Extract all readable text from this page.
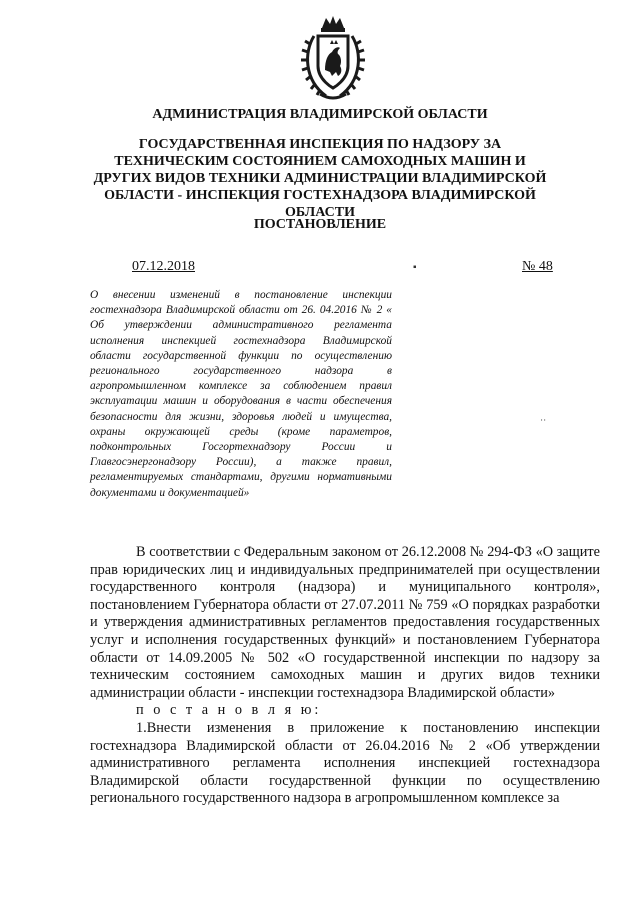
АДМИНИСТРАЦИЯ ВЛАДИМИРСКОЙ ОБЛАСТИ
ГОСУДАРСТВЕННАЯ ИНСПЕКЦИЯ ПО НАДЗОРУ ЗА ТЕХНИЧЕСКИМ СОСТОЯНИЕМ САМОХОДНЫХ МАШИН И ДРУГИХ ВИДОВ ТЕХНИКИ АДМИНИСТРАЦИИ ВЛАДИМИРСКОЙ ОБЛАСТИ - ИНСПЕКЦИЯ ГОСТЕХНАДЗОРА ВЛАДИМИРСКОЙ ОБЛАСТИ
ПОСТАНОВЛЕНИЕ
07.12.2018	▪
⠐⠂
№ 48
О внесении изменений в постановление инспекции гостехнадзора Владимирской области от 26. 04.2016 № 2 « Об утверждении административного регламента исполнения инспекцией гостехнадзора Владимирской области государственной функции по осуществлению регионального государственного надзора в агропромышленном комплексе за соблюдением правил эксплуатации машин и оборудования в части обеспечения безопасности для жизни, здоровья людей и имущества, охраны окружающей среды (кроме параметров, подконтрольных Госгортехнадзору России и Главгосэнергонадзору России), а также правил, регламентируемых стандартами, другими нормативными документами и документацией»

В соответствии с Федеральным законом от 26.12.2008 № 294-ФЗ «О защите прав юридических лиц и индивидуальных предпринимателей при осуществлении государственного контроля (надзора) и муниципального контроля», постановлением Губернатора области от 27.07.2011 № 759 «О порядках разработки и утверждения административных регламентов предоставления государственных услуг и исполнения государственных функций» и постановлением Губернатора области от 14.09.2005 № 502 «О государственной инспекции по надзору за техническим состоянием самоходных машин и других видов техники администрации области - инспекции гостехнадзора Владимирской области»

п о с т а н о в л я ю:

1.Внести изменения в приложение к постановлению инспекции гостехнадзора Владимирской области от 26.04.2016 № 2 «Об утверждении административного регламента исполнения инспекцией гостехнадзора Владимирской области государственной функции по осуществлению регионального государственного надзора в агропромышленном комплексе за
